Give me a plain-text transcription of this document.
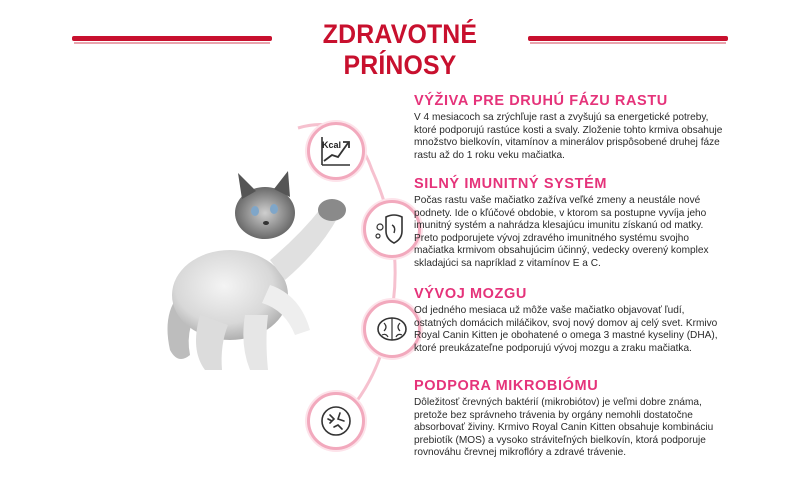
ZDRAVOTNÉ PRÍNOSY
Kcal
VÝŽIVA PRE DRUHÚ FÁZU RASTU

V 4 mesiacoch sa zrýchľuje rast a zvyšujú sa energetické potreby, ktoré podporujú rastúce kosti a svaly. Zloženie tohto krmiva obsahuje množstvo bielkovín, vitamínov a minerálov prispôsobené druhej fáze rastu až do 1 roku veku mačiatka.

SILNÝ IMUNITNÝ SYSTÉM

Počas rastu vaše mačiatko zažíva veľké zmeny a neustále nové podnety. Ide o kľúčové obdobie, v ktorom sa postupne vyvíja jeho imunitný systém a nahrádza klesajúcu imunitu získanú od matky. Preto podporujete vývoj zdravého imunitného systému svojho mačiatka krmivom obsahujúcim účinný, vedecky overený komplex skladajúci sa napríklad z vitamínov E a C.

VÝVOJ MOZGU

Od jedného mesiaca už môže vaše mačiatko objavovať ľudí, ostatných domácich miláčikov, svoj nový domov aj celý svet. Krmivo Royal Canin Kitten je obohatené o omega 3 mastné kyseliny (DHA), ktoré preukázateľne podporujú vývoj mozgu a zraku mačiatka.

PODPORA MIKROBIÓMU

Dôležitosť črevných baktérií (mikrobiótov) je veľmi dobre známa, pretože bez správneho trávenia by orgány nemohli dostatočne absorbovať živiny. Krmivo Royal Canin Kitten obsahuje kombináciu prebiotík (MOS) a vysoko stráviteľných bielkovín, ktorá podporuje rovnováhu črevnej mikroflóry a zdravé trávenie.
